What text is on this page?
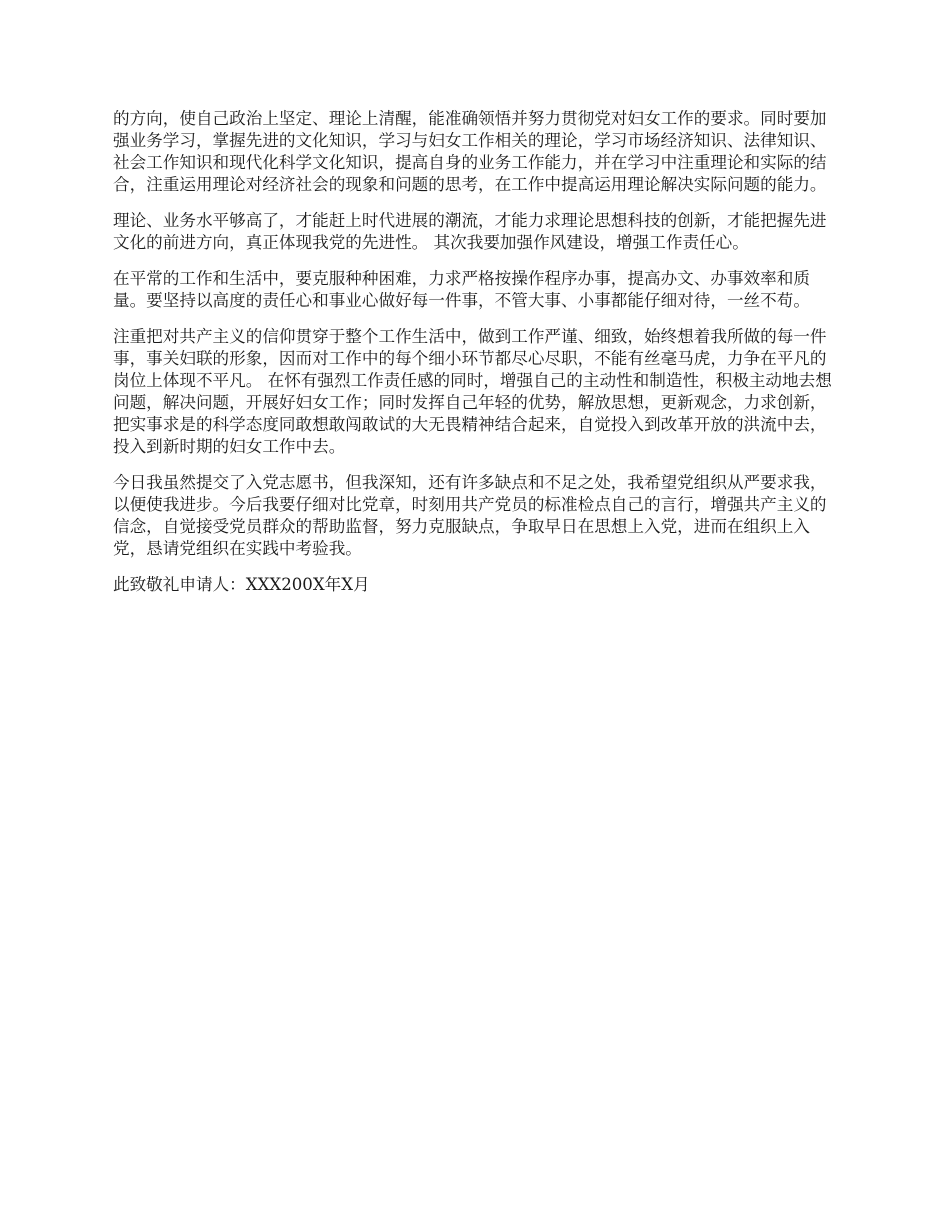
的方向，使自己政治上坚定、理论上清醒，能准确领悟并努力贯彻党对妇女工作的要求。同时要加强业务学习，掌握先进的文化知识，学习与妇女工作相关的理论，学习市场经济知识、法律知识、社会工作知识和现代化科学文化知识，提高自身的业务工作能力，并在学习中注重理论和实际的结合，注重运用理论对经济社会的现象和问题的思考，在工作中提高运用理论解决实际问题的能力。

理论、业务水平够高了，才能赶上时代进展的潮流，才能力求理论思想科技的创新，才能把握先进文化的前进方向，真正体现我党的先进性。 其次我要加强作风建设，增强工作责任心。

在平常的工作和生活中，要克服种种困难，力求严格按操作程序办事，提高办文、办事效率和质量。要坚持以高度的责任心和事业心做好每一件事，不管大事、小事都能仔细对待，一丝不苟。

注重把对共产主义的信仰贯穿于整个工作生活中，做到工作严谨、细致，始终想着我所做的每一件事，事关妇联的形象，因而对工作中的每个细小环节都尽心尽职，不能有丝毫马虎，力争在平凡的岗位上体现不平凡。 在怀有强烈工作责任感的同时，增强自己的主动性和制造性，积极主动地去想问题，解决问题，开展好妇女工作；同时发挥自己年轻的优势，解放思想，更新观念，力求创新，把实事求是的科学态度同敢想敢闯敢试的大无畏精神结合起来，自觉投入到改革开放的洪流中去，投入到新时期的妇女工作中去。

今日我虽然提交了入党志愿书，但我深知，还有许多缺点和不足之处，我希望党组织从严要求我，以便使我进步。今后我要仔细对比党章，时刻用共产党员的标准检点自己的言行，增强共产主义的信念，自觉接受党员群众的帮助监督，努力克服缺点，争取早日在思想上入党，进而在组织上入党，恳请党组织在实践中考验我。

此致敬礼申请人：XXX200X年X月
